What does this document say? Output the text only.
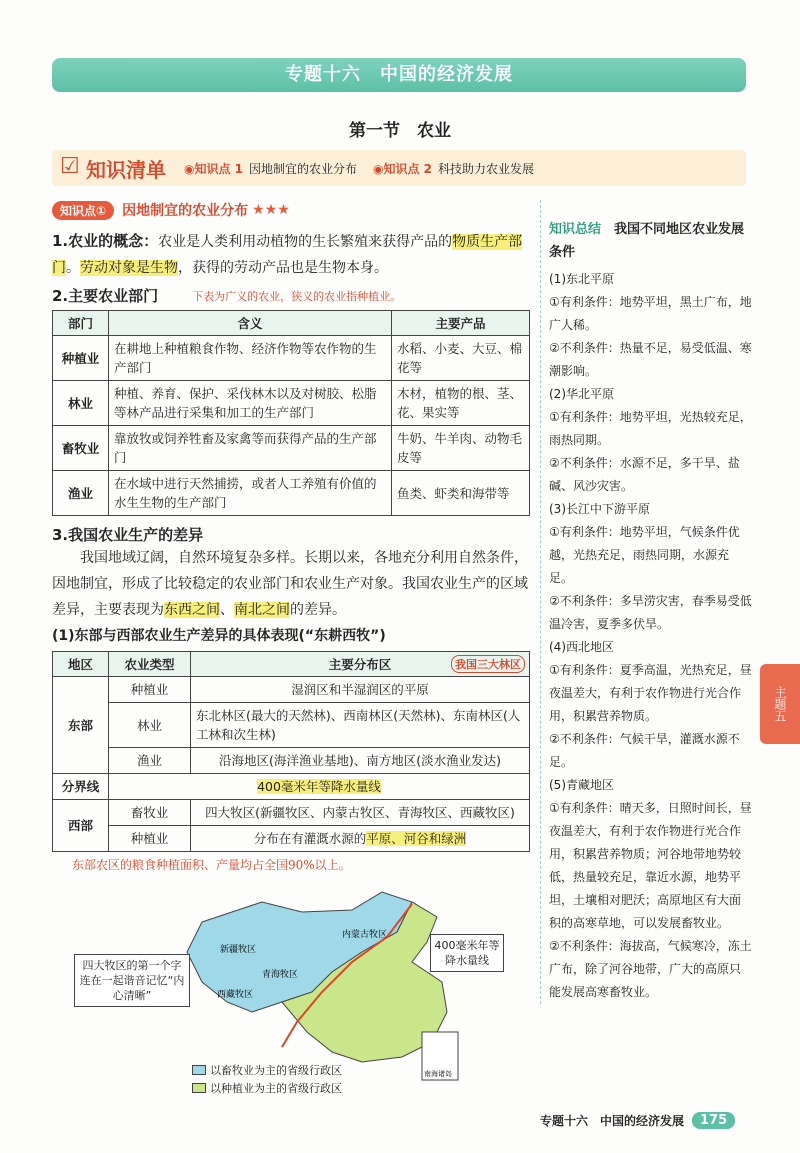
专题十六　中国的经济发展
第一节　农业
☑ 知识清单 ◉知识点 1 因地制宜的农业分布 ◉知识点 2 科技助力农业发展
知识点①	因地制宜的农业分布 ★★★

1.农业的概念：农业是人类利用动植物的生长繁殖来获得产品的物质生产部门。劳动对象是生物，获得的劳动产品也是生物本身。

2.主要农业部门	下表为广义的农业，狭义的农业指种植业。
部门	含义	主要产品
种植业	在耕地上种植粮食作物、经济作物等农作物的生产部门	水稻、小麦、大豆、棉花等
林业	种植、养育、保护、采伐林木以及对树胶、松脂等林产品进行采集和加工的生产部门	木材，植物的根、茎、花、果实等
畜牧业	靠放牧或饲养牲畜及家禽等而获得产品的生产部门	牛奶、牛羊肉、动物毛皮等
渔业	在水域中进行天然捕捞，或者人工养殖有价值的水生生物的生产部门	鱼类、虾类和海带等
3.我国农业生产的差异

我国地域辽阔，自然环境复杂多样。长期以来，各地充分利用自然条件，因地制宜，形成了比较稳定的农业部门和农业生产对象。我国农业生产的区域差异，主要表现为东西之间、南北之间的差异。

(1)东部与西部农业生产差异的具体表现(“东耕西牧”)
地区	农业类型	主要分布区 我国三大林区

东部	种植业	湿润区和半湿润区的平原
	林业	东北林区(最大的天然林)、西南林区(天然林)、东南林区(人工林和次生林)
	渔业	沿海地区(海洋渔业基地)、南方地区(淡水渔业发达)
分界线	400毫米年等降水量线	
西部	畜牧业	四大牧区(新疆牧区、内蒙古牧区、青海牧区、西藏牧区)
	种植业	分布在有灌溉水源的平原、河谷和绿洲
东部农区的粮食种植面积、产量均占全国90%以上。
新疆牧区
内蒙古牧区
青海牧区
西藏牧区
南海诸岛
四大牧区的第一个字连在一起谐音记忆“内心清晰”
400毫米年等降水量线
以畜牧业为主的省级行政区
以种植业为主的省级行政区
知识总结　 我国不同地区农业发展条件
(1)东北平原
①有利条件：地势平坦，黑土广布，地广人稀。
②不利条件：热量不足，易受低温、寒潮影响。
(2)华北平原
①有利条件：地势平坦，光热较充足，雨热同期。
②不利条件：水源不足，多干旱、盐碱、风沙灾害。
(3)长江中下游平原
①有利条件：地势平坦，气候条件优越，光热充足，雨热同期，水源充足。
②不利条件：多旱涝灾害，春季易受低温冷害，夏季多伏旱。
(4)西北地区
①有利条件：夏季高温，光热充足，昼夜温差大，有利于农作物进行光合作用，积累营养物质。
②不利条件：气候干旱，灌溉水源不足。
(5)青藏地区
①有利条件：晴天多，日照时间长，昼夜温差大，有利于农作物进行光合作用，积累营养物质；河谷地带地势较低，热量较充足，靠近水源，地势平坦，土壤相对肥沃；高原地区有大面积的高寒草地，可以发展畜牧业。
②不利条件：海拔高，气候寒冷，冻土广布，除了河谷地带，广大的高原只能发展高寒畜牧业。
主题五
专题十六　中国的经济发展	175
